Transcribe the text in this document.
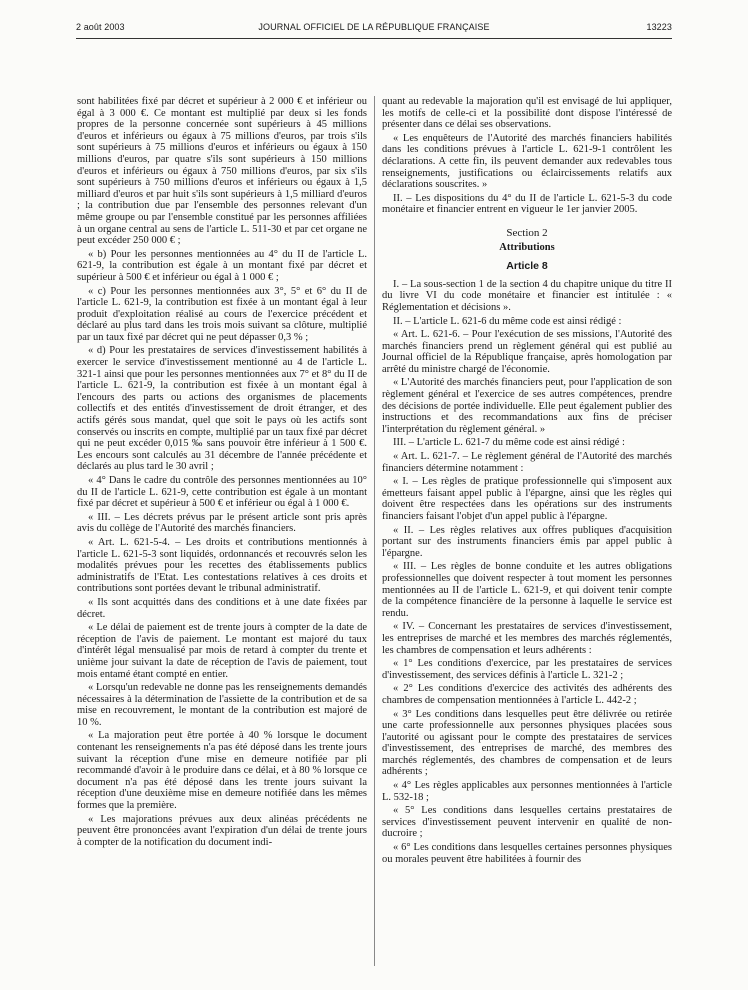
2 août 2003	JOURNAL OFFICIEL DE LA RÉPUBLIQUE FRANÇAISE	13223

sont habilitées fixé par décret et supérieur à 2 000 € et inférieur ou égal à 3 000 €. Ce montant est multiplié par deux si les fonds propres de la personne concernée sont supérieurs à 45 millions d'euros et inférieurs ou égaux à 75 millions d'euros, par trois s'ils sont supérieurs à 75 millions d'euros et inférieurs ou égaux à 150 millions d'euros, par quatre s'ils sont supérieurs à 150 millions d'euros et inférieurs ou égaux à 750 millions d'euros, par six s'ils sont supérieurs à 750 millions d'euros et inférieurs ou égaux à 1,5 milliard d'euros et par huit s'ils sont supérieurs à 1,5 milliard d'euros ; la contribution due par l'ensemble des personnes relevant d'un même groupe ou par l'ensemble constitué par les personnes affiliées à un organe central au sens de l'article L. 511-30 et par cet organe ne peut excéder 250 000 € ;

« b) Pour les personnes mentionnées au 4° du II de l'article L. 621-9, la contribution est égale à un montant fixé par décret et supérieur à 500 € et inférieur ou égal à 1 000 € ;

« c) Pour les personnes mentionnées aux 3°, 5° et 6° du II de l'article L. 621-9, la contribution est fixée à un montant égal à leur produit d'exploitation réalisé au cours de l'exercice précédent et déclaré au plus tard dans les trois mois suivant sa clôture, multiplié par un taux fixé par décret qui ne peut dépasser 0,3 % ;

« d) Pour les prestataires de services d'investissement habilités à exercer le service d'investissement mentionné au 4 de l'article L. 321-1 ainsi que pour les personnes mentionnées aux 7° et 8° du II de l'article L. 621-9, la contribution est fixée à un montant égal à l'encours des parts ou actions des organismes de placements collectifs et des entités d'investissement de droit étranger, et des actifs gérés sous mandat, quel que soit le pays où les actifs sont conservés ou inscrits en compte, multiplié par un taux fixé par décret qui ne peut excéder 0,015 ‰ sans pouvoir être inférieur à 1 500 €. Les encours sont calculés au 31 décembre de l'année précédente et déclarés au plus tard le 30 avril ;

« 4° Dans le cadre du contrôle des personnes mentionnées au 10° du II de l'article L. 621-9, cette contribution est égale à un montant fixé par décret et supérieur à 500 € et inférieur ou égal à 1 000 €.

« III. – Les décrets prévus par le présent article sont pris après avis du collège de l'Autorité des marchés financiers.

« Art. L. 621-5-4. – Les droits et contributions mentionnés à l'article L. 621-5-3 sont liquidés, ordonnancés et recouvrés selon les modalités prévues pour les recettes des établissements publics administratifs de l'Etat. Les contestations relatives à ces droits et contributions sont portées devant le tribunal administratif.

« Ils sont acquittés dans des conditions et à une date fixées par décret.

« Le délai de paiement est de trente jours à compter de la date de réception de l'avis de paiement. Le montant est majoré du taux d'intérêt légal mensualisé par mois de retard à compter du trente et unième jour suivant la date de réception de l'avis de paiement, tout mois entamé étant compté en entier.

« Lorsqu'un redevable ne donne pas les renseignements demandés nécessaires à la détermination de l'assiette de la contribution et de sa mise en recouvrement, le montant de la contribution est majoré de 10 %.

« La majoration peut être portée à 40 % lorsque le document contenant les renseignements n'a pas été déposé dans les trente jours suivant la réception d'une mise en demeure notifiée par pli recommandé d'avoir à le produire dans ce délai, et à 80 % lorsque ce document n'a pas été déposé dans les trente jours suivant la réception d'une deuxième mise en demeure notifiée dans les mêmes formes que la première.

« Les majorations prévues aux deux alinéas précédents ne peuvent être prononcées avant l'expiration d'un délai de trente jours à compter de la notification du document indi-

quant au redevable la majoration qu'il est envisagé de lui appliquer, les motifs de celle-ci et la possibilité dont dispose l'intéressé de présenter dans ce délai ses observations.

« Les enquêteurs de l'Autorité des marchés financiers habilités dans les conditions prévues à l'article L. 621-9-1 contrôlent les déclarations. A cette fin, ils peuvent demander aux redevables tous renseignements, justifications ou éclaircissements relatifs aux déclarations souscrites. »

II. – Les dispositions du 4° du II de l'article L. 621-5-3 du code monétaire et financier entrent en vigueur le 1er janvier 2005.

Section 2
Attributions
Article 8

I. – La sous-section 1 de la section 4 du chapitre unique du titre II du livre VI du code monétaire et financier est intitulée : « Réglementation et décisions ».

II. – L'article L. 621-6 du même code est ainsi rédigé :

« Art. L. 621-6. – Pour l'exécution de ses missions, l'Autorité des marchés financiers prend un règlement général qui est publié au Journal officiel de la République française, après homologation par arrêté du ministre chargé de l'économie.

« L'Autorité des marchés financiers peut, pour l'application de son règlement général et l'exercice de ses autres compétences, prendre des décisions de portée individuelle. Elle peut également publier des instructions et des recommandations aux fins de préciser l'interprétation du règlement général. »

III. – L'article L. 621-7 du même code est ainsi rédigé :

« Art. L. 621-7. – Le règlement général de l'Autorité des marchés financiers détermine notamment :

« I. – Les règles de pratique professionnelle qui s'imposent aux émetteurs faisant appel public à l'épargne, ainsi que les règles qui doivent être respectées dans les opérations sur des instruments financiers faisant l'objet d'un appel public à l'épargne.

« II. – Les règles relatives aux offres publiques d'acquisition portant sur des instruments financiers émis par appel public à l'épargne.

« III. – Les règles de bonne conduite et les autres obligations professionnelles que doivent respecter à tout moment les personnes mentionnées au II de l'article L. 621-9, et qui doivent tenir compte de la compétence financière de la personne à laquelle le service est rendu.

« IV. – Concernant les prestataires de services d'investissement, les entreprises de marché et les membres des marchés réglementés, les chambres de compensation et leurs adhérents :

« 1° Les conditions d'exercice, par les prestataires de services d'investissement, des services définis à l'article L. 321-2 ;

« 2° Les conditions d'exercice des activités des adhérents des chambres de compensation mentionnées à l'article L. 442-2 ;

« 3° Les conditions dans lesquelles peut être délivrée ou retirée une carte professionnelle aux personnes physiques placées sous l'autorité ou agissant pour le compte des prestataires de services d'investissement, des entreprises de marché, des membres des marchés réglementés, des chambres de compensation et de leurs adhérents ;

« 4° Les règles applicables aux personnes mentionnées à l'article L. 532-18 ;

« 5° Les conditions dans lesquelles certains prestataires de services d'investissement peuvent intervenir en qualité de non-ducroire ;

« 6° Les conditions dans lesquelles certaines personnes physiques ou morales peuvent être habilitées à fournir des
